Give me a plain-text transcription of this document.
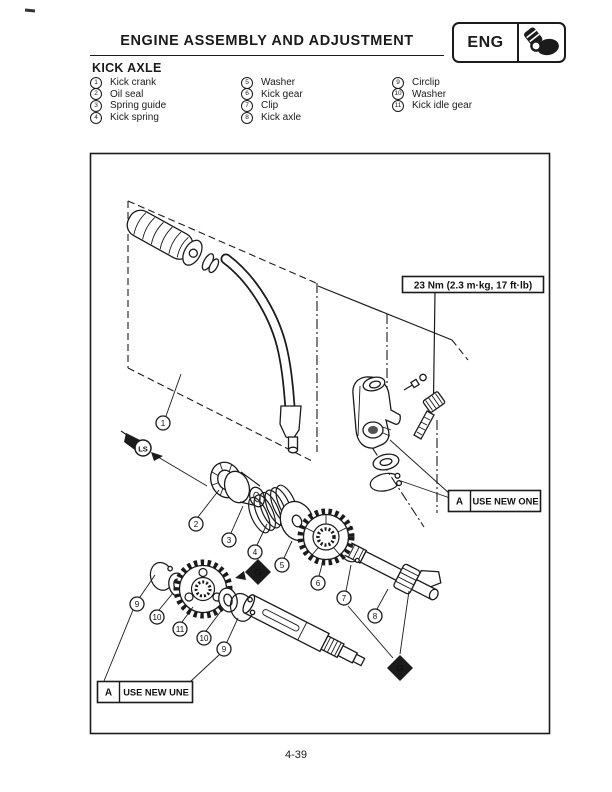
ENGINE ASSEMBLY AND ADJUSTMENT	ENG
KICK AXLE
1	Kick crank
2	Oil seal
3	Spring guide
4	Kick spring
5	Washer
6	Kick gear
7	Clip
8	Kick axle
9	Circlip
10 Washer
11 Kick idle gear
23 Nm (2.3 m·kg, 17 ft·lb)
LS
A USE NEW ONE
G
G
A USE NEW UNE
1
2
3
4
5
6
7
8
9
10
11
10
9
4-39
